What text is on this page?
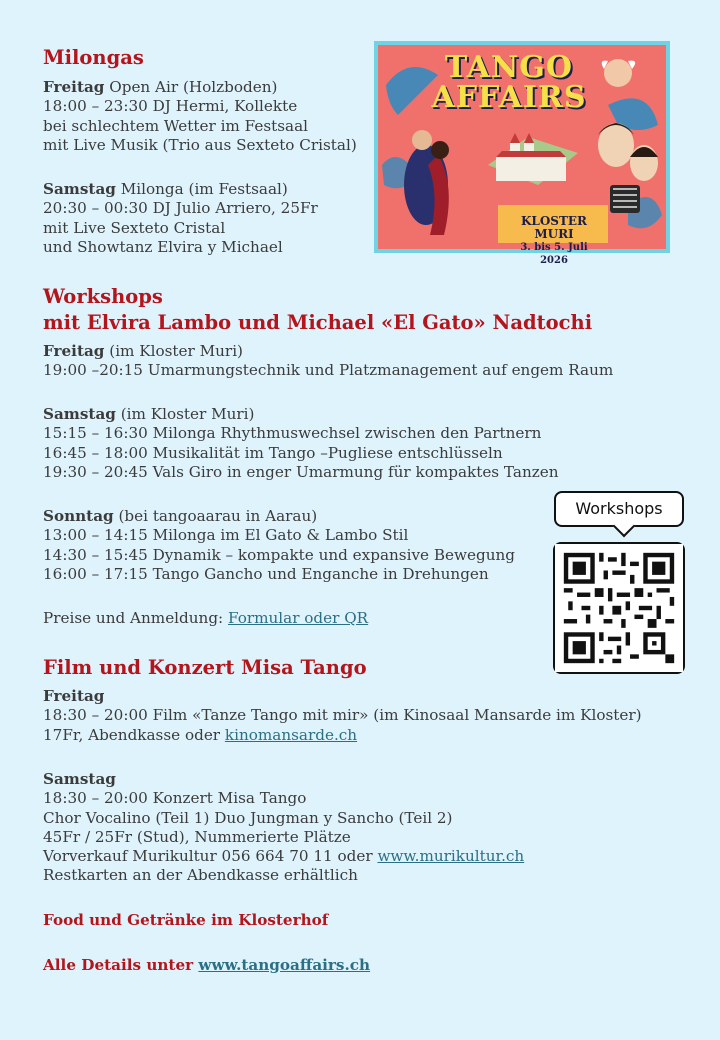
Milongas
Freitag Open Air (Holzboden)
18:00 – 23:30 DJ Hermi, Kollekte
bei schlechtem Wetter im Festsaal
mit Live Musik (Trio aus Sexteto Cristal)
Samstag Milonga (im Festsaal)
20:30 – 00:30 DJ Julio Arriero, 25Fr
mit Live Sexteto Cristal
und Showtanz Elvira y Michael
TANGO
AFFAIRS
KLOSTER MURI
3. bis 5. Juli 2026
Workshops
mit Elvira Lambo und Michael «El Gato» Nadtochi
Freitag (im Kloster Muri)
19:00 –20:15 Umarmungstechnik und Platzmanagement auf engem Raum
Samstag (im Kloster Muri)
15:15 – 16:30 Milonga Rhythmuswechsel zwischen den Partnern
16:45 – 18:00 Musikalität im Tango –Pugliese entschlüsseln
19:30 – 20:45 Vals Giro in enger Umarmung für kompaktes Tanzen
Sonntag (bei tangoaarau in Aarau)
13:00 – 14:15 Milonga im El Gato & Lambo Stil
14:30 – 15:45 Dynamik – kompakte und expansive Bewegung
16:00 – 17:15 Tango Gancho und Enganche in Drehungen
Preise und Anmeldung: Formular oder QR
Workshops
Film und Konzert Misa Tango
Freitag
18:30 – 20:00 Film «Tanze Tango mit mir» (im Kinosaal Mansarde im Kloster)
17Fr, Abendkasse oder kinomansarde.ch
Samstag
18:30 – 20:00 Konzert Misa Tango
Chor Vocalino (Teil 1) Duo Jungman y Sancho (Teil 2)
45Fr / 25Fr (Stud), Nummerierte Plätze
Vorverkauf Murikultur 056 664 70 11 oder www.murikultur.ch
Restkarten an der Abendkasse erhältlich
Food und Getränke im Klosterhof
Alle Details unter www.tangoaffairs.ch
